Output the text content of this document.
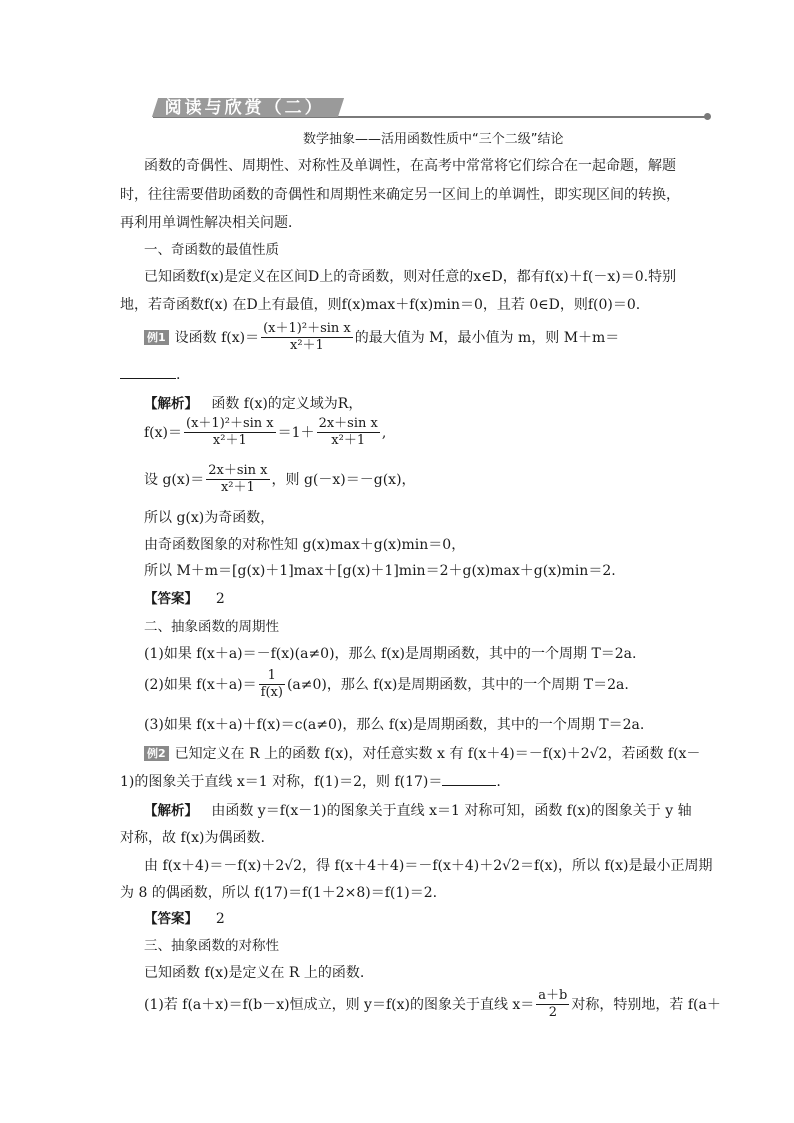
阅读与欣赏（二）
数学抽象——活用函数性质中“三个二级”结论
函数的奇偶性、周期性、对称性及单调性，在高考中常常将它们综合在一起命题，解题
时，往往需要借助函数的奇偶性和周期性来确定另一区间上的单调性，即实现区间的转换，
再利用单调性解决相关问题．
一、奇函数的最值性质
已知函数f(x)是定义在区间D上的奇函数，则对任意的x∈D，都有f(x)＋f(－x)＝0.特别
地，若奇函数f(x) 在D上有最值，则f(x)max＋f(x)min＝0，且若 0∈D，则f(0)＝0.
例1 设函数 $f(x)= \frac{\text{(x＋1)²＋sin x}}{\text{x²＋1}}$ 的最大值为 M，最小值为 m，则 M＋m＝
.
【解析】 函数 f(x)的定义域为R，
$f(x)= \frac{\text{(x＋1)²＋sin x}}{\text{x²＋1}} =1+ \frac{\text{2x＋sin x}}{\text{x²＋1}}$ ,
设 $g(x)= \frac{\text{2x＋sin x}}{\text{x²＋1}}$ ，则 g(－x)＝－g(x)，
所以 g(x)为奇函数，
由奇函数图象的对称性知 g(x)max＋g(x)min＝0，
所以 M＋m＝[g(x)＋1]max＋[g(x)＋1]min＝2＋g(x)max＋g(x)min＝2.
【答案】 2
二、抽象函数的周期性
(1)如果 f(x＋a)＝－f(x)(a≠0)，那么 f(x)是周期函数，其中的一个周期 T＝2a.
(2)如果 $f(x+a)= \frac{1}{f(x)} (a\ne 0)$，那么 f(x)是周期函数，其中的一个周期 T＝2a.
(3)如果 f(x＋a)＋f(x)＝c(a≠0)，那么 f(x)是周期函数，其中的一个周期 T＝2a.
例2 已知定义在 R 上的函数 f(x)，对任意实数 x 有 f(x＋4)＝－f(x)＋2√2，若函数 f(x－
1)的图象关于直线 x＝1 对称，f(1)＝2，则 f(17)＝	.
【解析】 由函数 y＝f(x－1)的图象关于直线 x＝1 对称可知，函数 f(x)的图象关于 y 轴
对称，故 f(x)为偶函数.
由 f(x＋4)＝－f(x)＋2√2，得 f(x＋4＋4)＝－f(x＋4)＋2√2＝f(x)，所以 f(x)是最小正周期
为 8 的偶函数，所以 f(17)＝f(1＋2×8)＝f(1)＝2.
【答案】 2
三、抽象函数的对称性
已知函数 f(x)是定义在 R 上的函数.
(1)若 f(a＋x)＝f(b－x)恒成立，则 y＝f(x)的图象关于直线 $x= \frac{a+b}{2}$ 对称，特别地，若 f(a＋
